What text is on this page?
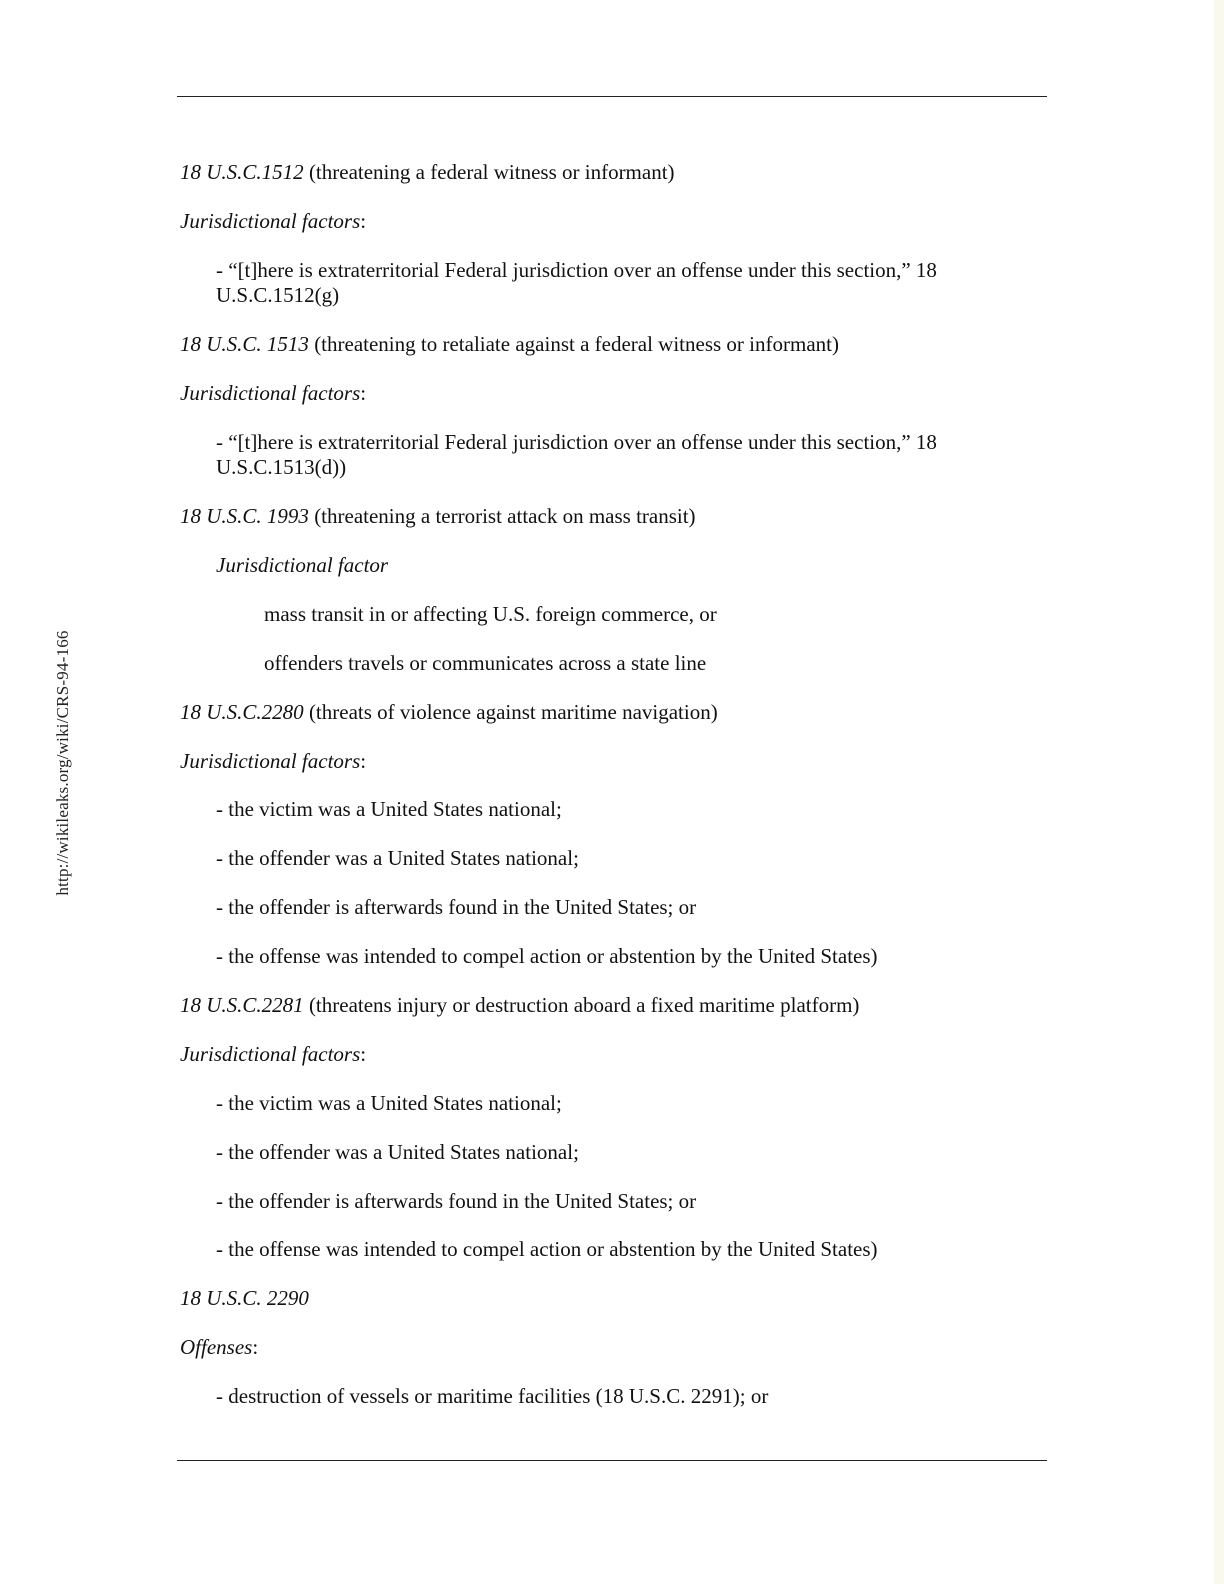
http://wikileaks.org/wiki/CRS-94-166
18 U.S.C.1512 (threatening a federal witness or informant)
Jurisdictional factors:
- “[t]here is extraterritorial Federal jurisdiction over an offense under this section,” 18 U.S.C.1512(g)
18 U.S.C. 1513 (threatening to retaliate against a federal witness or informant)
Jurisdictional factors:
- “[t]here is extraterritorial Federal jurisdiction over an offense under this section,” 18 U.S.C.1513(d))
18 U.S.C. 1993 (threatening a terrorist attack on mass transit)
Jurisdictional factor
mass transit in or affecting U.S. foreign commerce, or
offenders travels or communicates across a state line
18 U.S.C.2280 (threats of violence against maritime navigation)
Jurisdictional factors:
- the victim was a United States national;
- the offender was a United States national;
- the offender is afterwards found in the United States; or
- the offense was intended to compel action or abstention by the United States)
18 U.S.C.2281 (threatens injury or destruction aboard a fixed maritime platform)
Jurisdictional factors:
- the victim was a United States national;
- the offender was a United States national;
- the offender is afterwards found in the United States; or
- the offense was intended to compel action or abstention by the United States)
18 U.S.C. 2290
Offenses:
- destruction of vessels or maritime facilities (18 U.S.C. 2291); or
